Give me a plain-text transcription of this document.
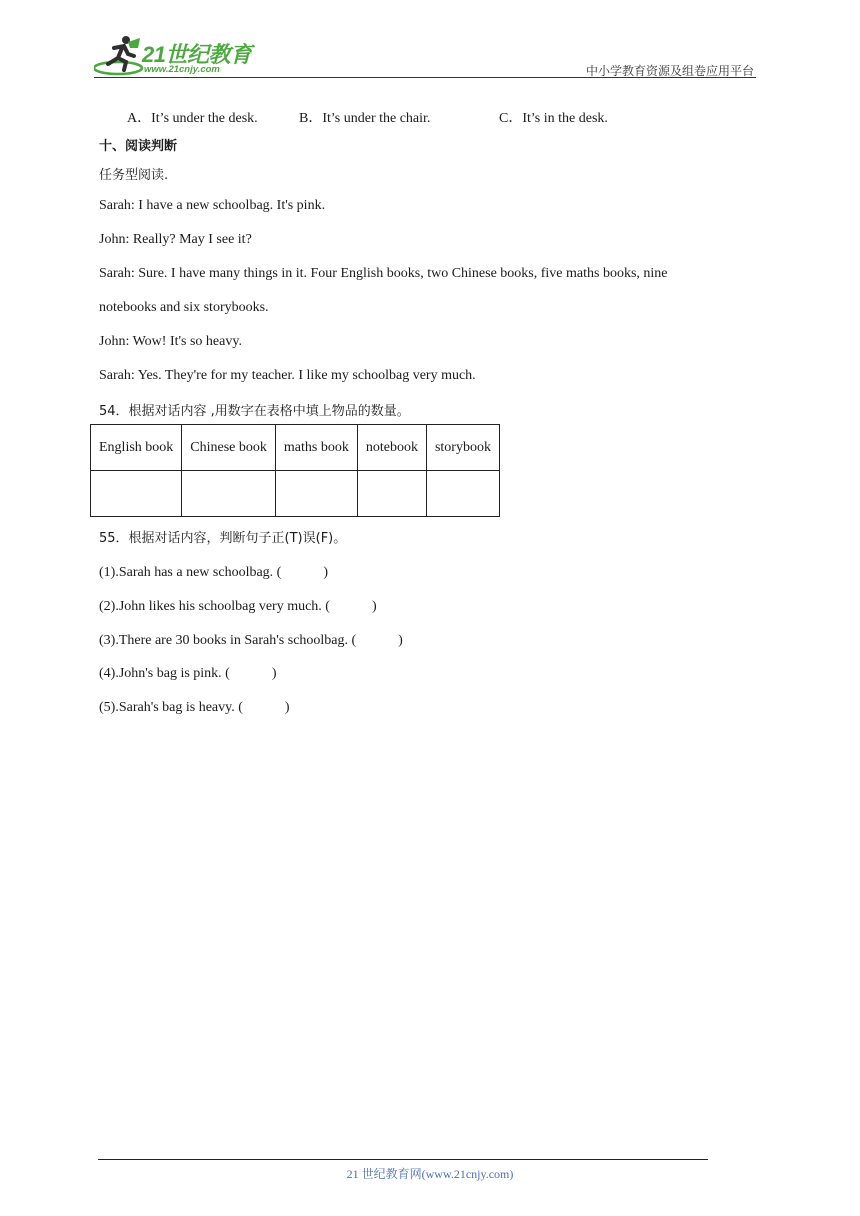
21世纪教育
www.21cnjy.com	中小学教育资源及组卷应用平台
A．It’s under the desk.	B．It’s under the chair.	C．It’s in the desk.
十、阅读判断
任务型阅读.
Sarah: I have a new schoolbag. It's pink.
John: Really? May I see it?
Sarah: Sure. I have many things in it. Four English books, two Chinese books, five maths books, nine
notebooks and six storybooks.
John: Wow! It's so heavy.
Sarah: Yes. They're for my teacher. I like my schoolbag very much.
54．根据对话内容 ,用数字在表格中填上物品的数量。
English book	Chinese book	maths book	notebook	storybook

55．根据对话内容，判断句子正(T)误(F)。
(1).Sarah has a new schoolbag. (　　　)
(2).John likes his schoolbag very much. (　　　)
(3).There are 30 books in Sarah's schoolbag. (　　　)
(4).John's bag is pink. (　　　)
(5).Sarah's bag is heavy. (　　　)
21 世纪教育网(www.21cnjy.com)
